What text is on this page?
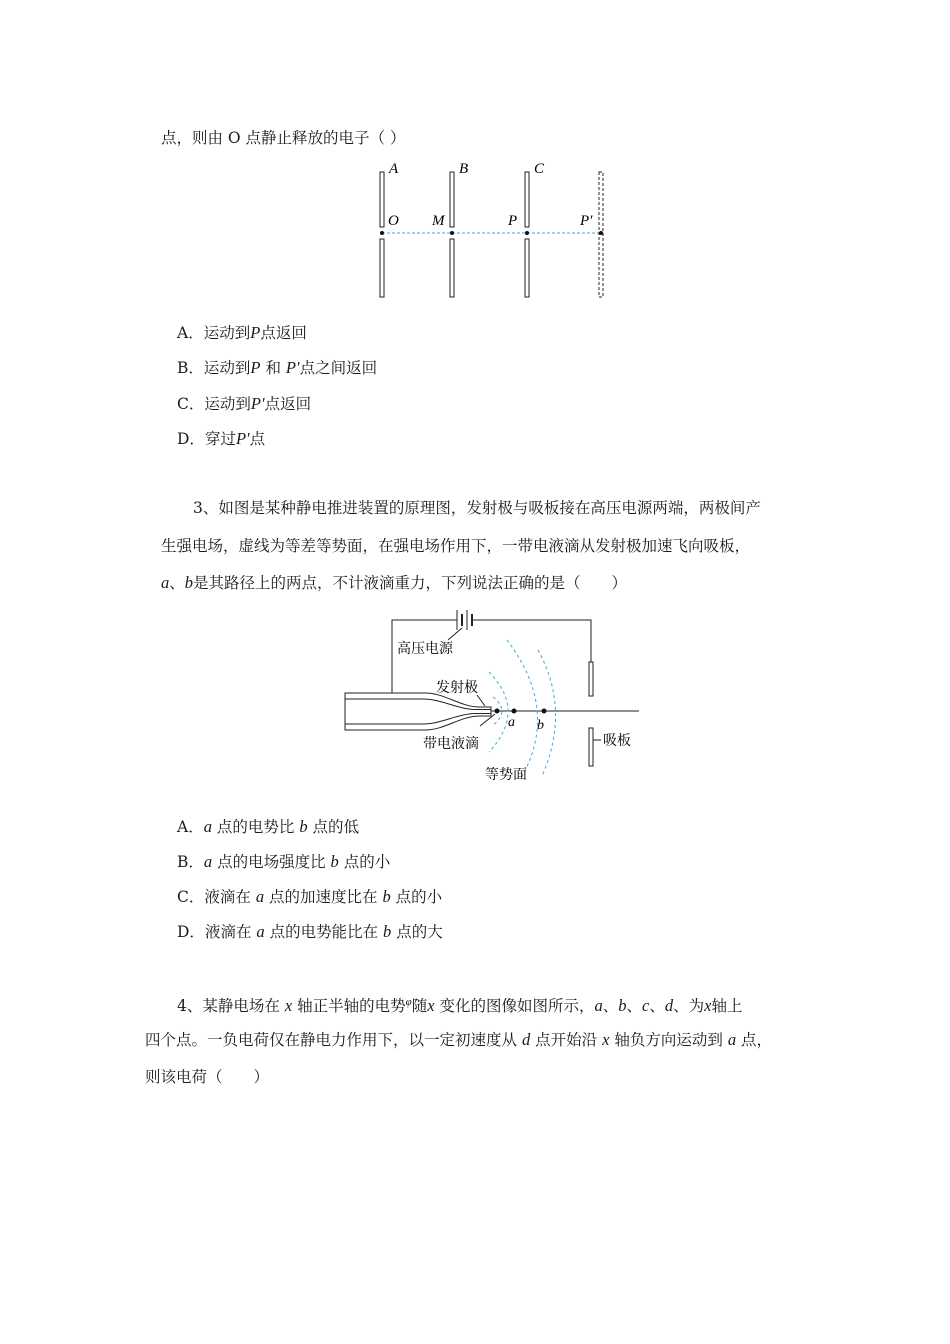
点，则由 O 点静止释放的电子（ ）
A	B	C
O M	P	P′
A．运动到P点返回
B．运动到P 和 P′点之间返回
C．运动到P′点返回
D．穿过P′点
3、如图是某种静电推进装置的原理图，发射极与吸板接在高压电源两端，两极间产
生强电场，虚线为等差等势面，在强电场作用下，一带电液滴从发射极加速飞向吸板，
a、b是其路径上的两点，不计液滴重力，下列说法正确的是（　　）
高压电源
a b
吸板
发射极
带电液滴
等势面
A．a 点的电势比 b 点的低
B．a 点的电场强度比 b 点的小
C．液滴在 a 点的加速度比在 b 点的小
D．液滴在 a 点的电势能比在 b 点的大
4、某静电场在 x 轴正半轴的电势$^\varphi$随x 变化的图像如图所示，a、b、c、d、为x轴上
四个点。一负电荷仅在静电力作用下，以一定初速度从 d 点开始沿 x 轴负方向运动到 a 点，
则该电荷（　　）
